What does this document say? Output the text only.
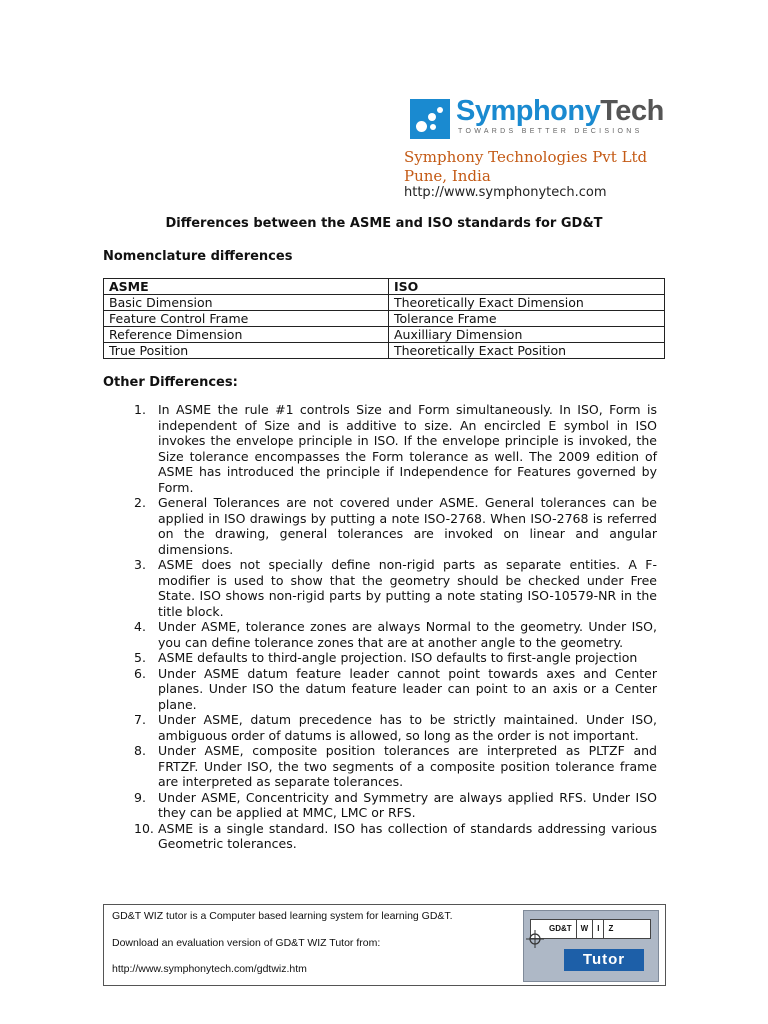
SymphonyTech
TOWARDS BETTER DECISIONS
Symphony Technologies Pvt Ltd
Pune, India
http://www.symphonytech.com
Differences between the ASME and ISO standards for GD&T
Nomenclature differences
ASME	ISO
Basic Dimension	Theoretically Exact Dimension
Feature Control Frame	Tolerance Frame
Reference Dimension	Auxilliary Dimension
True Position	Theoretically Exact Position
Other Differences:
1. In ASME the rule #1 controls Size and Form simultaneously. In ISO, Form is independent of Size and is additive to size. An encircled E symbol in ISO invokes the envelope principle in ISO. If the envelope principle is invoked, the Size tolerance encompasses the Form tolerance as well. The 2009 edition of ASME has introduced the principle if Independence for Features governed by Form.
2. General Tolerances are not covered under ASME. General tolerances can be applied in ISO drawings by putting a note ISO-2768. When ISO-2768 is referred on the drawing, general tolerances are invoked on linear and angular dimensions.
3. ASME does not specially define non-rigid parts as separate entities. A F-modifier is used to show that the geometry should be checked under Free State. ISO shows non-rigid parts by putting a note stating ISO-10579-NR in the title block.
4. Under ASME, tolerance zones are always Normal to the geometry. Under ISO, you can define tolerance zones that are at another angle to the geometry.
5. ASME defaults to third-angle projection. ISO defaults to first-angle projection
6. Under ASME datum feature leader cannot point towards axes and Center planes. Under ISO the datum feature leader can point to an axis or a Center plane.
7. Under ASME, datum precedence has to be strictly maintained. Under ISO, ambiguous order of datums is allowed, so long as the order is not important.
8. Under ASME, composite position tolerances are interpreted as PLTZF and FRTZF. Under ISO, the two segments of a composite position tolerance frame are interpreted as separate tolerances.
9. Under ASME, Concentricity and Symmetry are always applied RFS. Under ISO they can be applied at MMC, LMC or RFS.
10. ASME is a single standard. ISO has collection of standards addressing various Geometric tolerances.
GD&T WIZ tutor is a Computer based learning system for learning GD&T.
Download an evaluation version of GD&T WIZ Tutor from:
http://www.symphonytech.com/gdtwiz.htm
GD&T	W	I	Z
Tutor
